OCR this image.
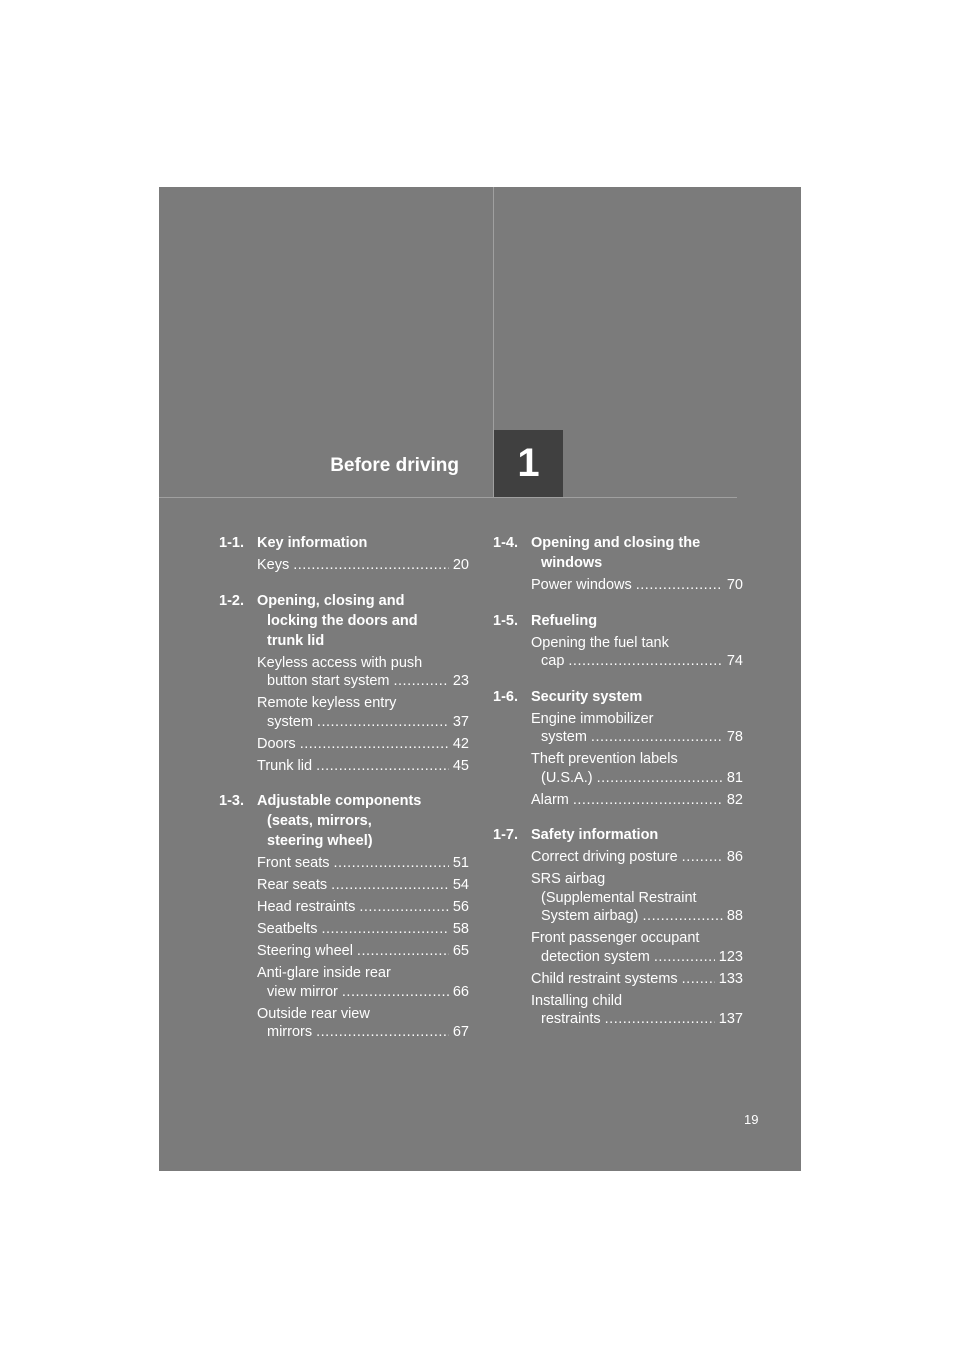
Before driving 1
1-1. Key information
Keys .....	20
1-2. Opening, closing and
locking the doors and
trunk lid
Keyless access with push
button start system .....	23
Remote keyless entry
system .....	37
Doors .....	42
Trunk lid .....	45
1-3. Adjustable components
(seats, mirrors,
steering wheel)
Front seats .....	51
Rear seats .....	54
Head restraints .....	56
Seatbelts .....	58
Steering wheel .....	65
Anti-glare inside rear
view mirror .....	66
Outside rear view
mirrors .....	67
1-4. Opening and closing the
windows
Power windows .....	70
1-5. Refueling
Opening the fuel tank
cap .....	74
1-6. Security system
Engine immobilizer
system .....	78
Theft prevention labels
(U.S.A.) .....	81
Alarm .....	82
1-7. Safety information
Correct driving posture .....	86
SRS airbag
(Supplemental Restraint
System airbag) .....	88
Front passenger occupant
detection system .....	123
Child restraint systems .....	133
Installing child
restraints .....	137
19
